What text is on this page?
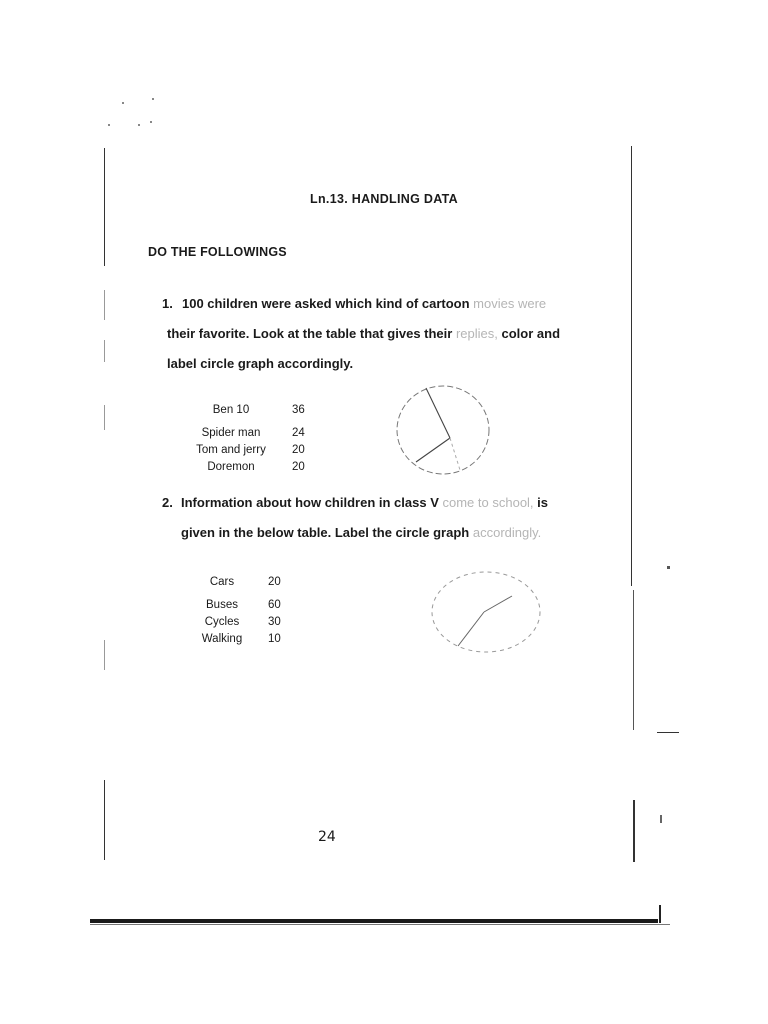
Ln.13. HANDLING DATA
DO THE FOLLOWINGS
1. 100 children were asked which kind of cartoon movies were
their favorite. Look at the table that gives their replies, color and
label circle graph accordingly.
Ben 10	36
Spider man	24
Tom and jerry	20
Doremon	20
2. Information about how children in class V come to school, is
given in the below table. Label the circle graph accordingly.
Cars	20
Buses	60
Cycles	30
Walking	10
24
